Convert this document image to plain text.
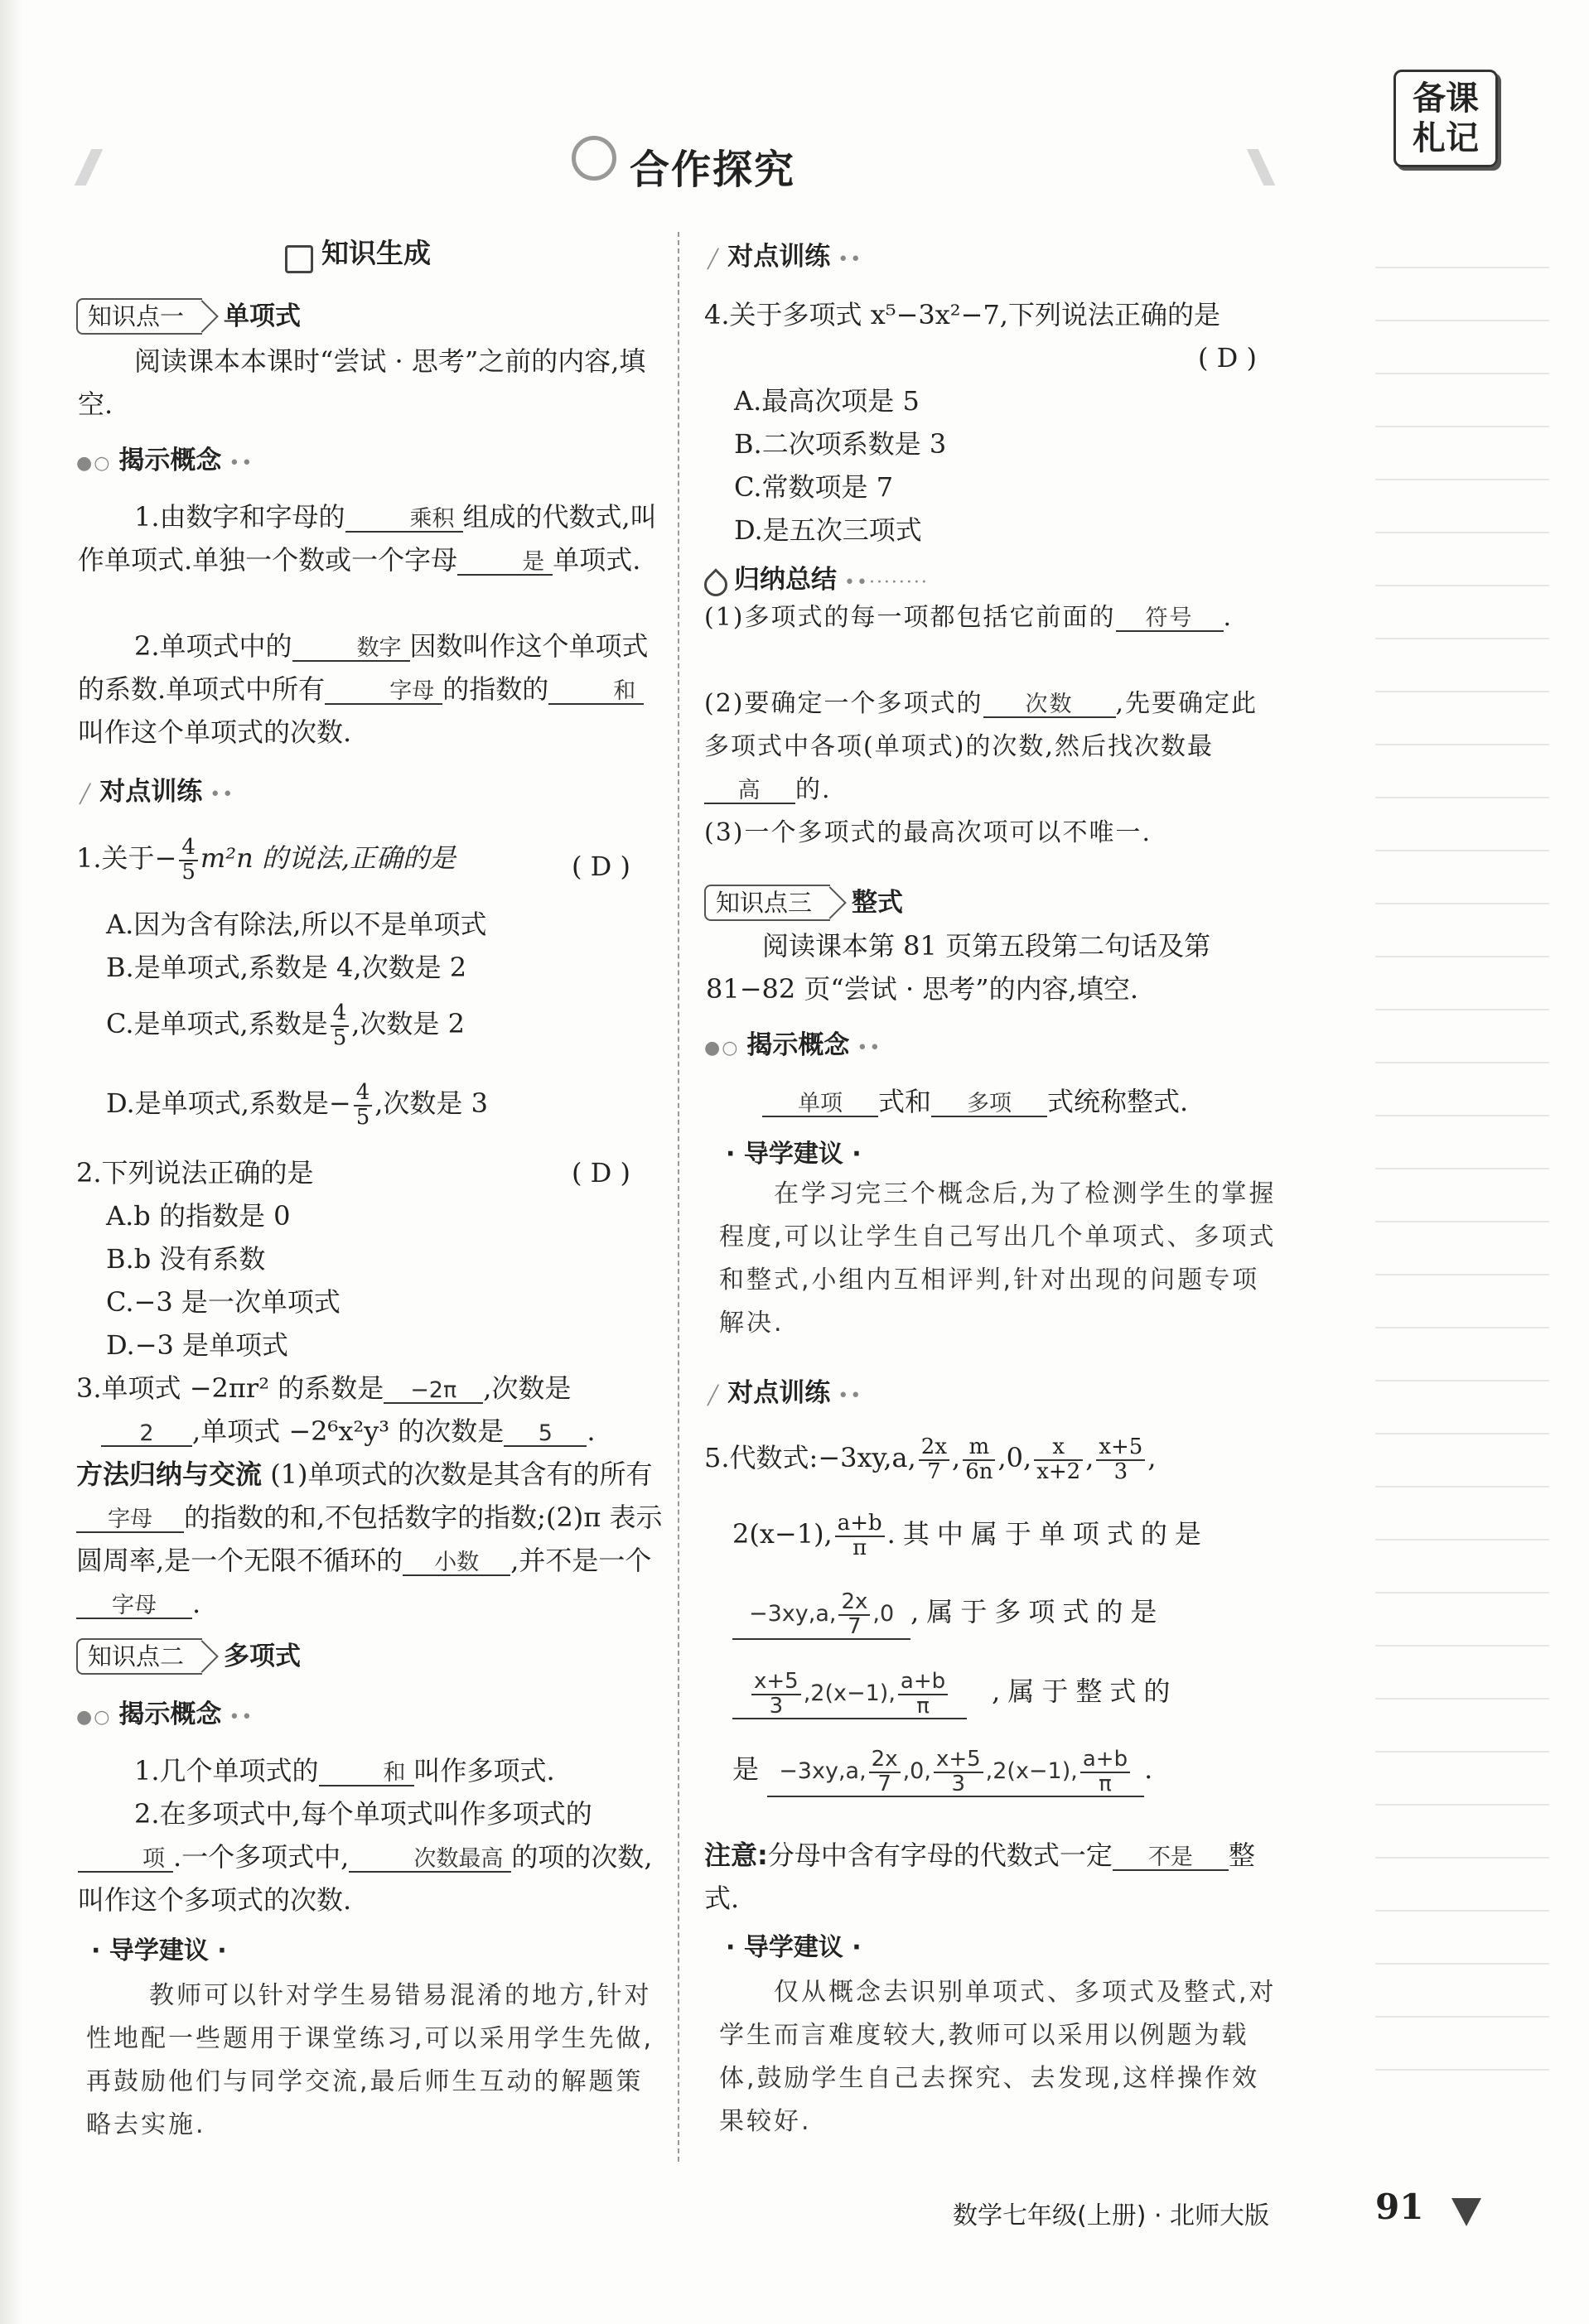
合作探究
备课札记
知识生成
知识点一 单项式
阅读课本本课时“尝试 · 思考”之前的内容,填空.
●○ 揭示概念 ••
1.由数字和字母的	乘积 组成的代数式,叫作单项式.单独一个数或一个字母	是 单项式.
2.单项式中的	数字 因数叫作这个单项式的系数.单项式中所有	字母 的指数的	和叫作这个单项式的次数.
╱ 对点训练 ••
1.关于− $\frac{4}{5} m^2n$ 的说法,正确的是	( D )
A.因为含有除法,所以不是单项式
B.是单项式,系数是 4,次数是 2
C.是单项式,系数是 $\frac{4}{5}$ ,次数是 2
D.是单项式,系数是− $\frac{4}{5}$ ,次数是 3
2.下列说法正确的是	( D )
A.b 的指数是 0
B.b 没有系数
C.−3 是一次单项式
D.−3 是单项式
3.单项式 −2πr² 的系数是 −2π ,次数是2 ,单项式 −2⁶x²y³ 的次数是 5 .
方法归纳与交流 (1)单项式的次数是其含有的所有字母 的指数的和,不包括数字的指数;(2)π 表示圆周率,是一个无限不循环的 小数 ,并不是一个字母 .
知识点二 多项式
●○ 揭示概念 ••
1.几个单项式的	和 叫作多项式.
2.在多项式中,每个单项式叫作多项式的项 .一个多项式中,	次数最高 的项的次数,叫作这个多项式的次数.
· 导学建议 ·
教师可以针对学生易错易混淆的地方,针对性地配一些题用于课堂练习,可以采用学生先做,再鼓励他们与同学交流,最后师生互动的解题策略去实施.
╱ 对点训练 ••
4.关于多项式 x⁵−3x²−7,下列说法正确的是
( D )
A.最高次项是 5
B.二次项系数是 3
C.常数项是 7
D.是五次三项式
归纳总结 ••········
(1)多项式的每一项都包括它前面的 符号 .
(2)要确定一个多项式的 次数 ,先要确定此多项式中各项(单项式)的次数,然后找次数最高 的.
(3)一个多项式的最高次项可以不唯一.
知识点三 整式
阅读课本第 81 页第五段第二句话及第 81−82 页“尝试 · 思考”的内容,填空.
●○ 揭示概念 ••
单项 式和 多项 式统称整式.
· 导学建议 ·
在学习完三个概念后,为了检测学生的掌握程度,可以让学生自己写出几个单项式、多项式和整式,小组内互相评判,针对出现的问题专项解决.
╱ 对点训练 ••
5.代数式:−3xy,a, $\frac{2x}{7}$ , $\frac{m}{6n} ,0$, $\frac{x}{x+2}$ , $\frac{x+5}{3}$ ,
2(x−1), $\frac{a+b}{\pi}$ .其中属于单项式的是
−3xy,a, $\frac{2x}{7} ,0$ ,属于多项式的是
$\frac{x+5}{3} ,2(x-1)$, $\frac{a+b}{\pi}$ ,属于整式的
是 −3xy,a, $\frac{2x}{7} ,0$, $\frac{x+5}{3} ,2(x-1)$, $\frac{a+b}{\pi}$ .
注意:分母中含有字母的代数式一定 不是 整式.
· 导学建议 ·
仅从概念去识别单项式、多项式及整式,对学生而言难度较大,教师可以采用以例题为载体,鼓励学生自己去探究、去发现,这样操作效果较好.
数学七年级(上册) · 北师大版	91
